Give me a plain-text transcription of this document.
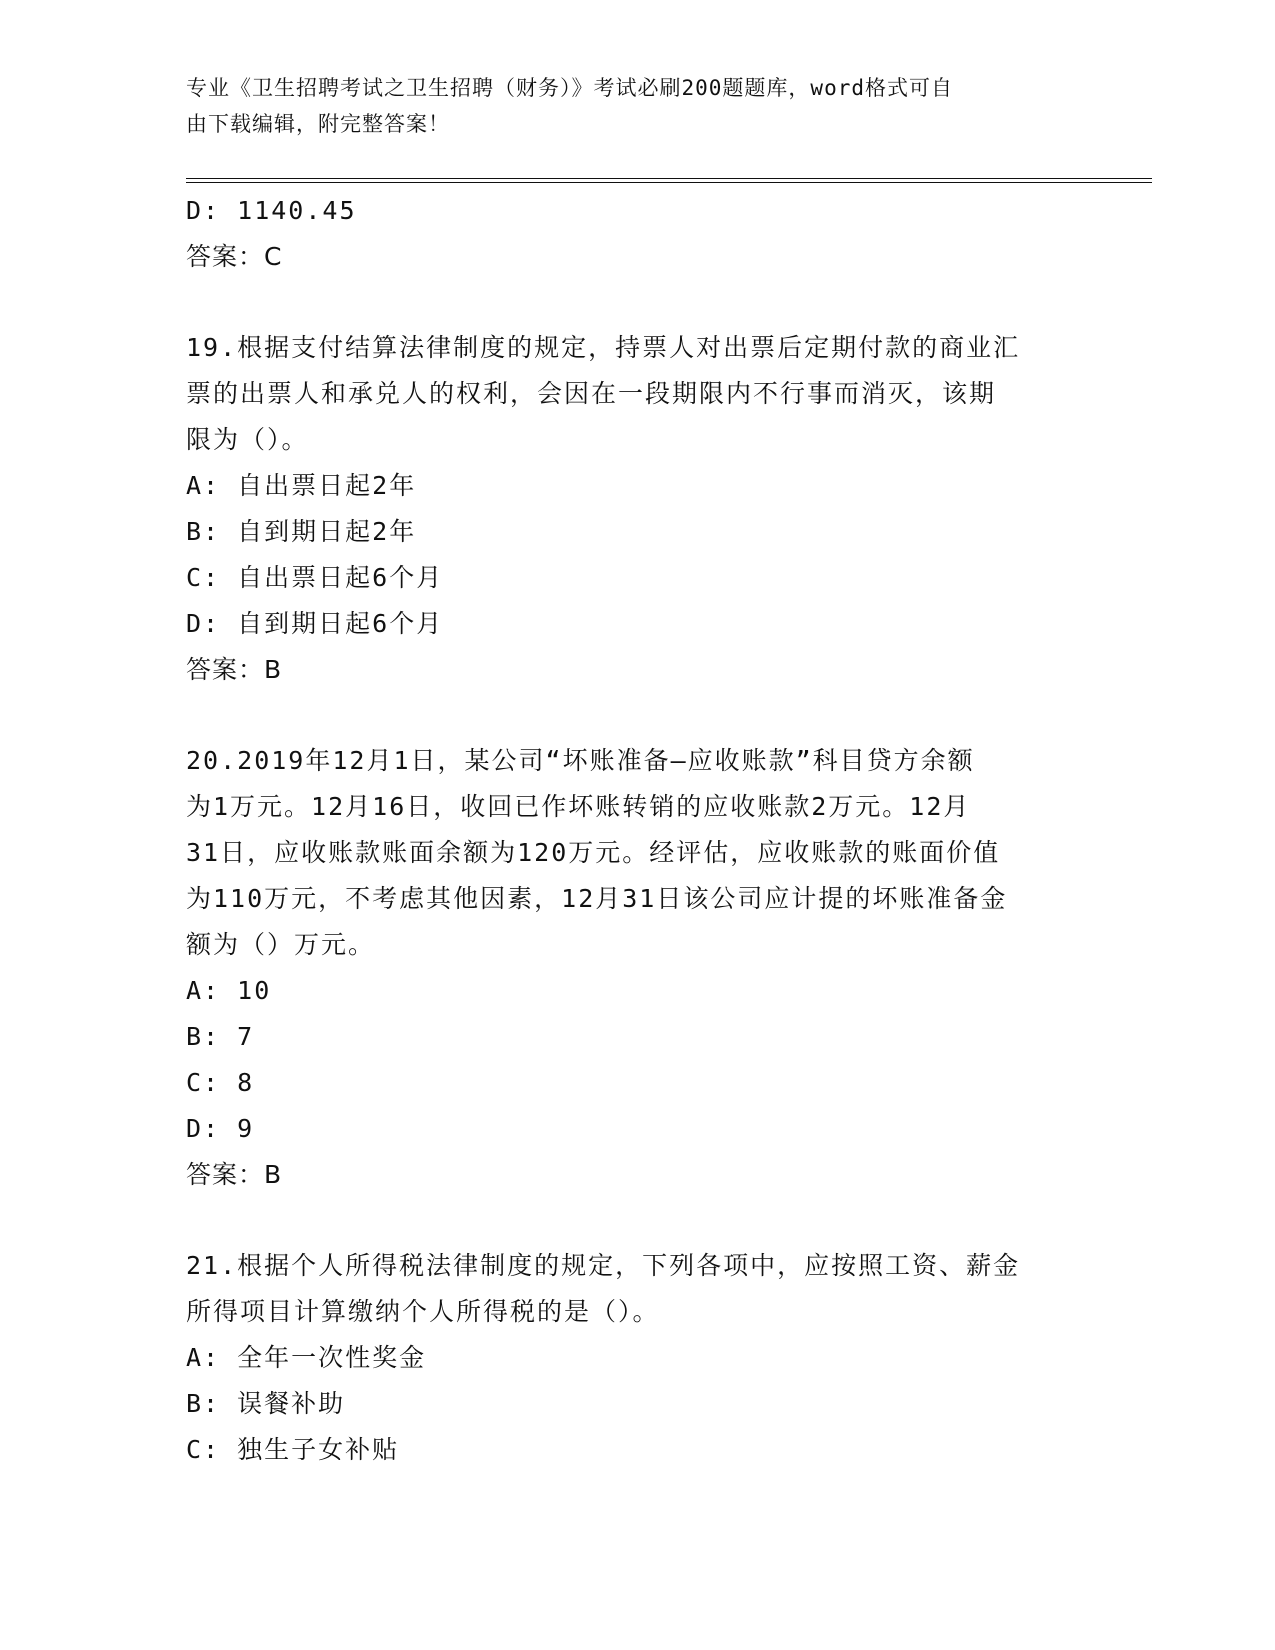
专业《卫生招聘考试之卫生招聘（财务）》考试必刷200题题库，word格式可自
由下载编辑，附完整答案！
D: 1140.45
答案：C
19.根据支付结算法律制度的规定，持票人对出票后定期付款的商业汇
票的出票人和承兑人的权利，会因在一段期限内不行事而消灭，该期
限为（）。
A: 自出票日起2年
B: 自到期日起2年
C: 自出票日起6个月
D: 自到期日起6个月
答案：B
20.2019年12月1日，某公司“坏账准备—应收账款”科目贷方余额
为1万元。12月16日，收回已作坏账转销的应收账款2万元。12月
31日，应收账款账面余额为120万元。经评估，应收账款的账面价值
为110万元，不考虑其他因素，12月31日该公司应计提的坏账准备金
额为（）万元。
A: 10
B: 7
C: 8
D: 9
答案：B
21.根据个人所得税法律制度的规定，下列各项中，应按照工资、薪金
所得项目计算缴纳个人所得税的是（）。
A: 全年一次性奖金
B: 误餐补助
C: 独生子女补贴
